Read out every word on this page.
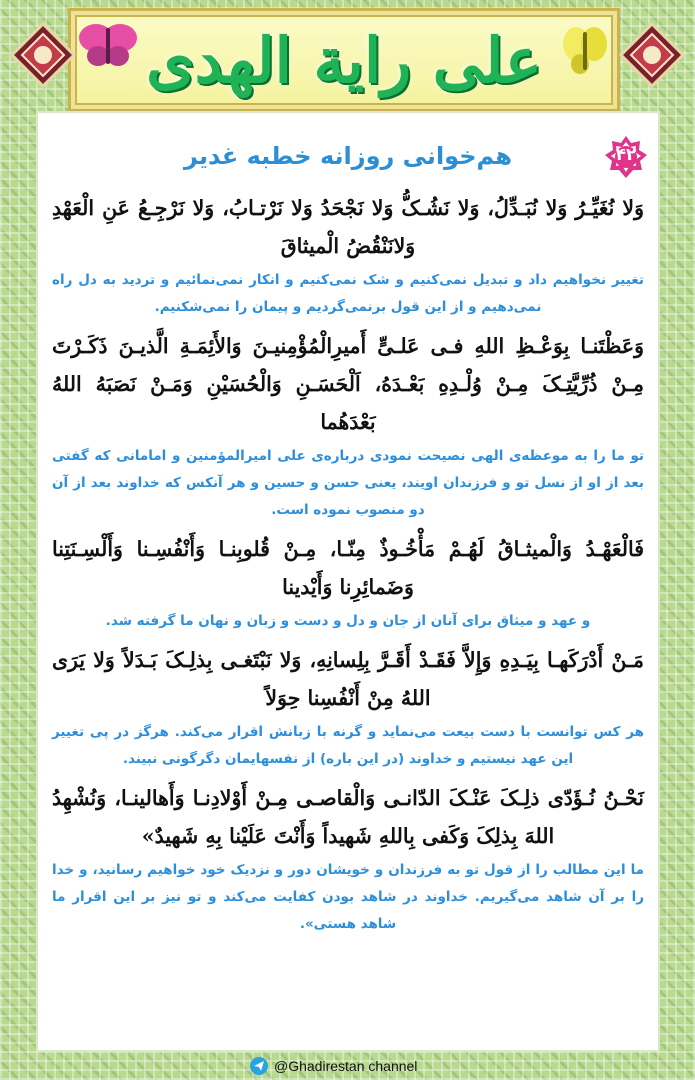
علی رایة الهدی
هم‌خوانی روزانه خطبه غدیر	۴۲

وَلا نُغَيِّـرُ وَلا نُبَـدِّلُ، وَلا نَشُـکُّ وَلا نَجْحَدُ وَلا نَرْتـابُ، وَلا نَرْجِـعُ عَنِ الْعَهْدِ وَلانَنْقُضُ الْميثاقَ

تغییر نخواهیم داد و تبدیل نمی‌کنیم و شک نمی‌کنیم و انکار نمی‌نمائیم و تردید به دل راه نمی‌دهیم و از این قول برنمی‌گردیم و پیمان را نمی‌شکنیم.

وَعَظْتَنـا بِوَعْـظِ اللهِ فـی عَلـیٍّ أَميرِالْمُؤْمِنيـنَ وَالأَئِمَـةِ الَّذيـنَ ذَکَـرْتَ مِـنْ ذُرِّيَّتِـکَ مِـنْ وُلْـدِهِ بَعْـدَهُ، اَلْحَسَـنِ وَالْحُسَيْنِ وَمَـنْ نَصَبَهُ اللهُ بَعْدَهُما

تو ما را به موعظه‌ی الهی نصیحت نمودی درباره‌ی علی امیرالمؤمنین و امامانی که گفتی بعد از او از نسل تو و فرزندان اویند، یعنی حسن و حسین و هر آنکس که خداوند بعد از آن دو منصوب نموده است.

فَالْعَهْـدُ وَالْميثـاقُ لَهُـمْ مَأْخُـوذٌ مِنّـا، مِـنْ قُلوبِنـا وَأَنْفُسِـنا وَأَلْسِـنَتِنا وَضَمائِرِنا وَأَيْدينا

و عهد و میثاق برای آنان از جان و دل و دست و زبان و نهان ما گرفته شد.

مَـنْ أَدْرَکَهـا بِيَـدِهِ وَإِلاَّ فَقَـدْ أَقَـرَّ بِلِسانِهِ، وَلا نَبْتَغـی بِذلِـکَ بَـدَلاً وَلا يَرَی اللهُ مِنْ أَنْفُسِنا حِوَلاً

هر کس توانست با دست بیعت می‌نماید و گرنه با زبانش اقرار می‌کند. هرگز در پی تغییر این عهد نیستیم و خداوند (در این باره) از نفسهایمان دگرگونی نبیند.

نَحْـنُ نُـؤَدّی ذلِـکَ عَنْـکَ الدّانـی وَالْقاصـی مِـنْ أَوْلادِنـا وَأَهالينـا، وَنُشْهِدُ اللهَ بِذلِکَ وَکَفی بِاللهِ شَهيداً وَأَنْتَ عَلَيْنا بِهِ شَهيدٌ»

ما این مطالب را از قول تو به فرزندان و خویشان دور و نزدیک خود خواهیم رسانید، و خدا را بر آن شاهد می‌گیریم. خداوند در شاهد بودن کفایت می‌کند و تو نیز بر این اقرار ما شاهد هستی».

@Ghadirestan channel
